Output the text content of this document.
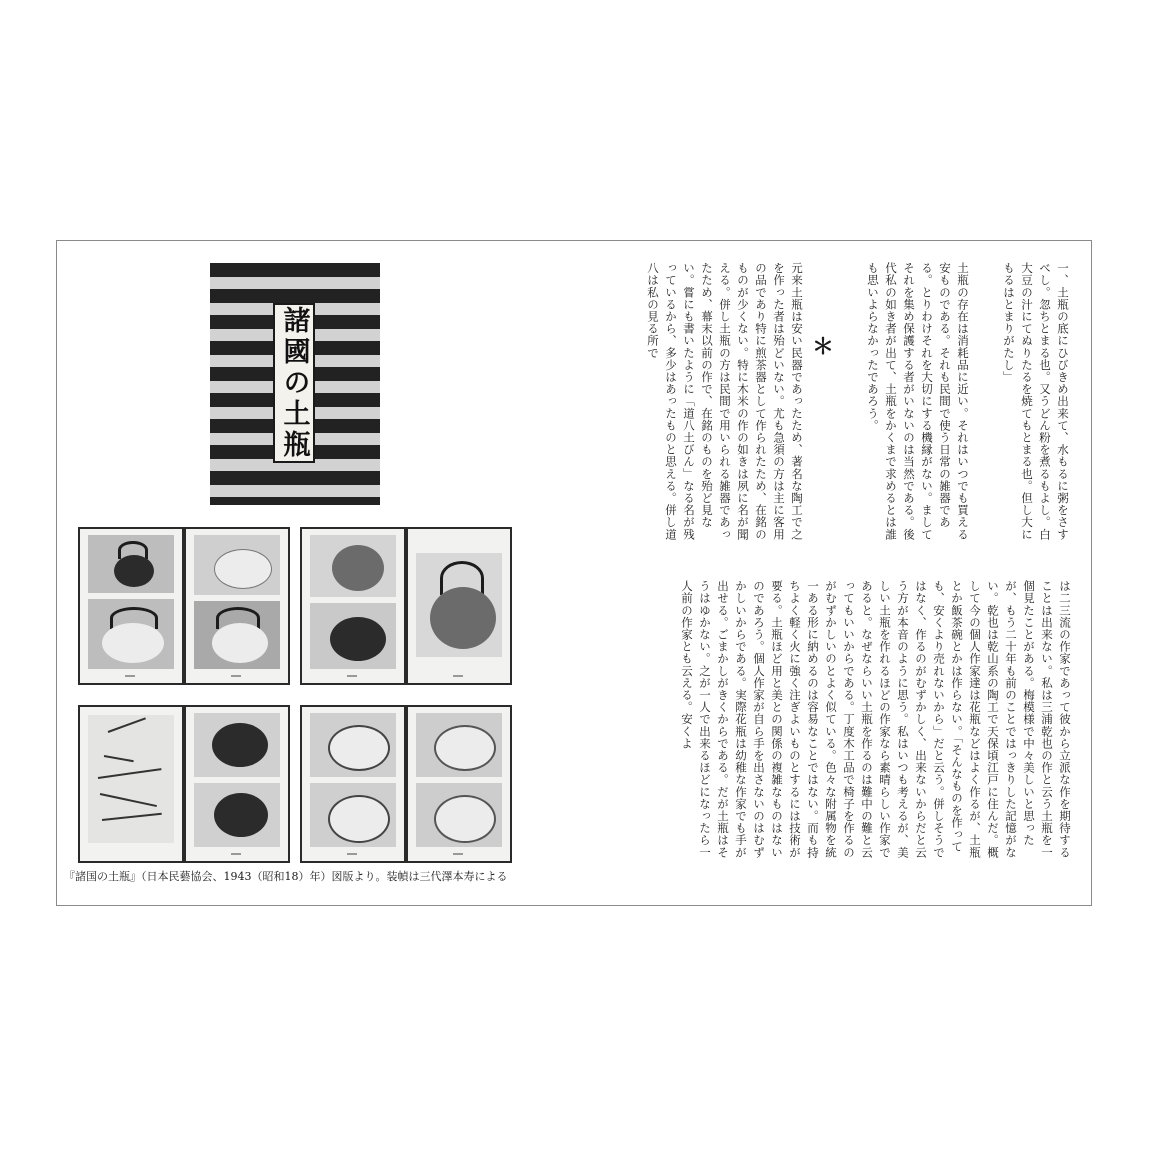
諸國の土瓶
『諸国の土瓶』（日本民藝協会、1943（昭和18）年）図版より。装幀は三代澤本寿による
一、土瓶の底にひびきめ出来て、水もるに粥をさすべし。忽ちとまる也。又うどん粉を煮るもよし。白大豆の汁にてぬりたるを焼てもとまる也。但し大にもるはとまりがたし」
＊	土瓶の存在は消耗品に近い。それはいつでも買える安ものである。それも民間で使う日常の雑器である。とりわけそれを大切にする機縁がない。ましてそれを集め保護する者がいないのは当然である。後代私の如き者が出て、土瓶をかくまで求めるとは誰も思いよらなかったであろう。
元来土瓶は安い民器であったため、著名な陶工で之を作った者は殆どいない。尤も急須の方は主に客用の品であり特に煎茶器として作られたため、在銘のものが少くない。特に木米の作の如きは夙に名が聞える。併し土瓶の方は民間で用いられる雑器であったため、幕末以前の作で、在銘のものを殆ど見ない。嘗にも書いたように「道八土びん」なる名が残っているから、多少はあったものと思える。併し道八は私の見る所で
は二三流の作家であって彼から立派な作を期待することは出来ない。私は三浦乾也の作と云う土瓶を一個見たことがある。梅模様で中々美しいと思ったが、もう二十年も前のことではっきりした記憶がない。乾也は乾山系の陶工で天保頃江戸に住んだ。概して今の個人作家達は花瓶などはよく作るが、土瓶とか飯茶碗とかは作らない。「そんなものを作っても、安くより売れないから」だと云う。併しそうではなく、作るのがむずかしく、出来ないからだと云う方が本音のように思う。私はいつも考えるが、美しい土瓶を作れるほどの作家なら素晴らしい作家であると。なぜならいい土瓶を作るのは難中の難と云ってもいいからである。丁度木工品で椅子を作るのがむずかしいのとよく似ている。色々な附属物を統一ある形に納めるのは容易なことではない。而も持ちよく軽く火に強く注ぎよいものとするには技術が要る。土瓶ほど用と美との関係の複雑なものはないのであろう。個人作家が自ら手を出さないのはむずかしいからである。実際花瓶は幼稚な作家でも手が出せる。ごまかしがきくからである。だが土瓶はそうはゆかない。之が一人で出来るほどになったら一人前の作家とも云える。安くよ
